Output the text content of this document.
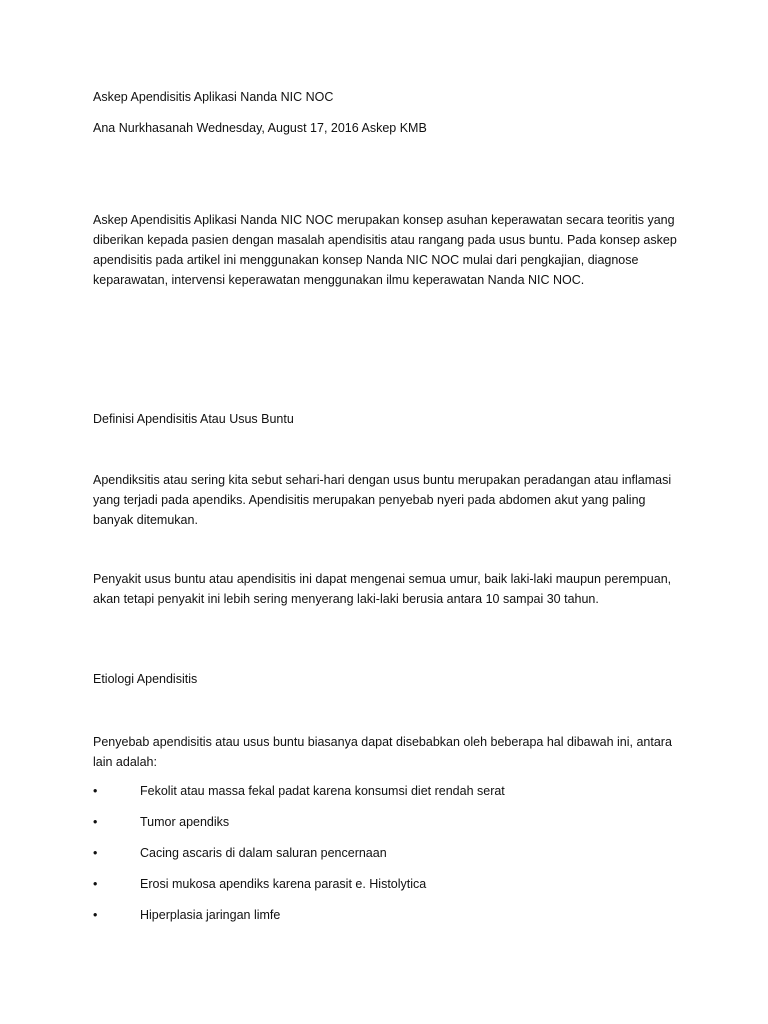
Askep Apendisitis Aplikasi Nanda NIC NOC

Ana Nurkhasanah Wednesday, August 17, 2016 Askep KMB

Askep Apendisitis Aplikasi Nanda NIC NOC merupakan konsep asuhan keperawatan secara teoritis yang diberikan kepada pasien dengan masalah apendisitis atau rangang pada usus buntu. Pada konsep askep apendisitis pada artikel ini menggunakan konsep Nanda NIC NOC mulai dari pengkajian, diagnose keparawatan, intervensi keperawatan menggunakan ilmu keperawatan Nanda NIC NOC.

Definisi Apendisitis Atau Usus Buntu

Apendiksitis atau sering kita sebut sehari-hari dengan usus buntu merupakan peradangan atau inflamasi yang terjadi pada apendiks. Apendisitis merupakan penyebab nyeri pada abdomen akut yang paling banyak ditemukan.

Penyakit usus buntu atau apendisitis ini dapat mengenai semua umur, baik laki-laki maupun perempuan, akan tetapi penyakit ini lebih sering menyerang laki-laki berusia antara 10 sampai 30 tahun.

Etiologi Apendisitis

Penyebab apendisitis atau usus buntu biasanya dapat disebabkan oleh beberapa hal dibawah ini, antara lain adalah:

•	Fekolit atau massa fekal padat karena konsumsi diet rendah serat
•	Tumor apendiks
•	Cacing ascaris di dalam saluran pencernaan
•	Erosi mukosa apendiks karena parasit e. Histolytica
•	Hiperplasia jaringan limfe
